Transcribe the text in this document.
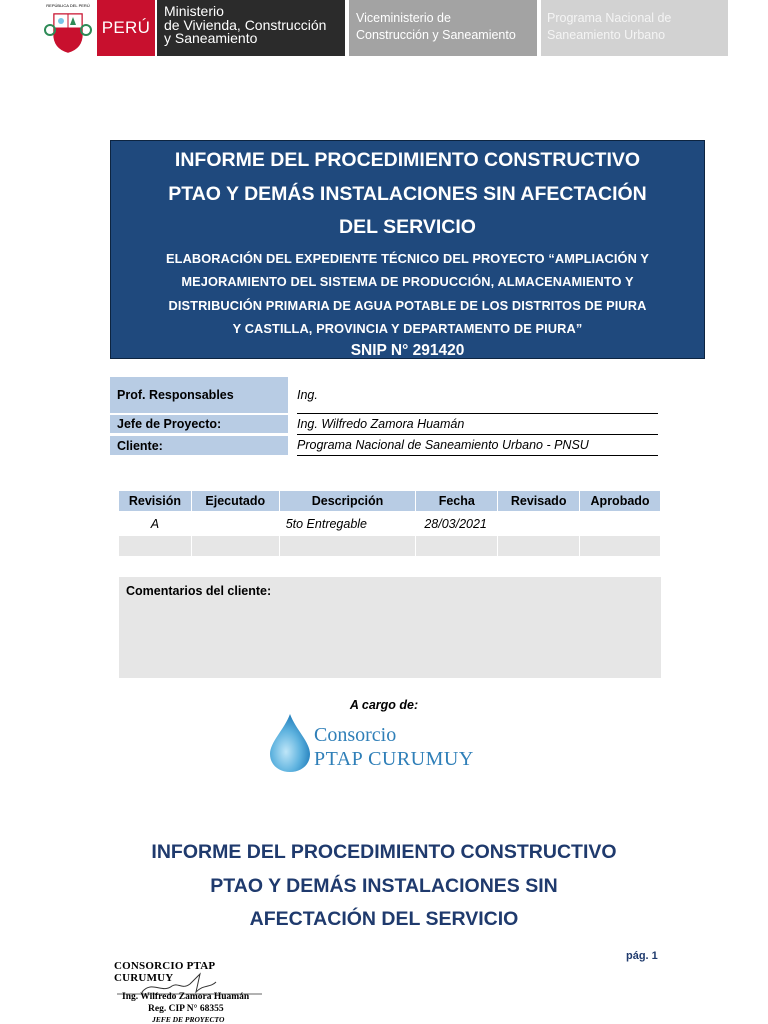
REPÚBLICA DEL PERÚ
PERÚ
Ministerio
de Vivienda, Construcción
y Saneamiento
Viceministerio de
Construcción y Saneamiento
Programa Nacional de
Saneamiento Urbano
INFORME DEL PROCEDIMIENTO CONSTRUCTIVO
PTAO Y DEMÁS INSTALACIONES SIN AFECTACIÓN
DEL SERVICIO
ELABORACIÓN DEL EXPEDIENTE TÉCNICO DEL PROYECTO “AMPLIACIÓN Y
MEJORAMIENTO DEL SISTEMA DE PRODUCCIÓN, ALMACENAMIENTO Y
DISTRIBUCIÓN PRIMARIA DE AGUA POTABLE DE LOS DISTRITOS DE PIURA
Y CASTILLA, PROVINCIA Y DEPARTAMENTO DE PIURA”
SNIP N° 291420
Prof. Responsables	Ing.
Jefe de Proyecto:	Ing. Wilfredo Zamora Huamán
Cliente:	Programa Nacional de Saneamiento Urbano - PNSU
Revisión	Ejecutado	Descripción	Fecha	Revisado	Aprobado
A		5to Entregable	28/03/2021		

Comentarios del cliente:
A cargo de:
Consorcio
PTAP CURUMUY
INFORME DEL PROCEDIMIENTO CONSTRUCTIVO
PTAO Y DEMÁS INSTALACIONES SIN
AFECTACIÓN DEL SERVICIO
pág. 1
CONSORCIO PTAP CURUMUY
Ing. Wilfredo Zamora Huamán
Reg. CIP N° 68355
JEFE DE PROYECTO
